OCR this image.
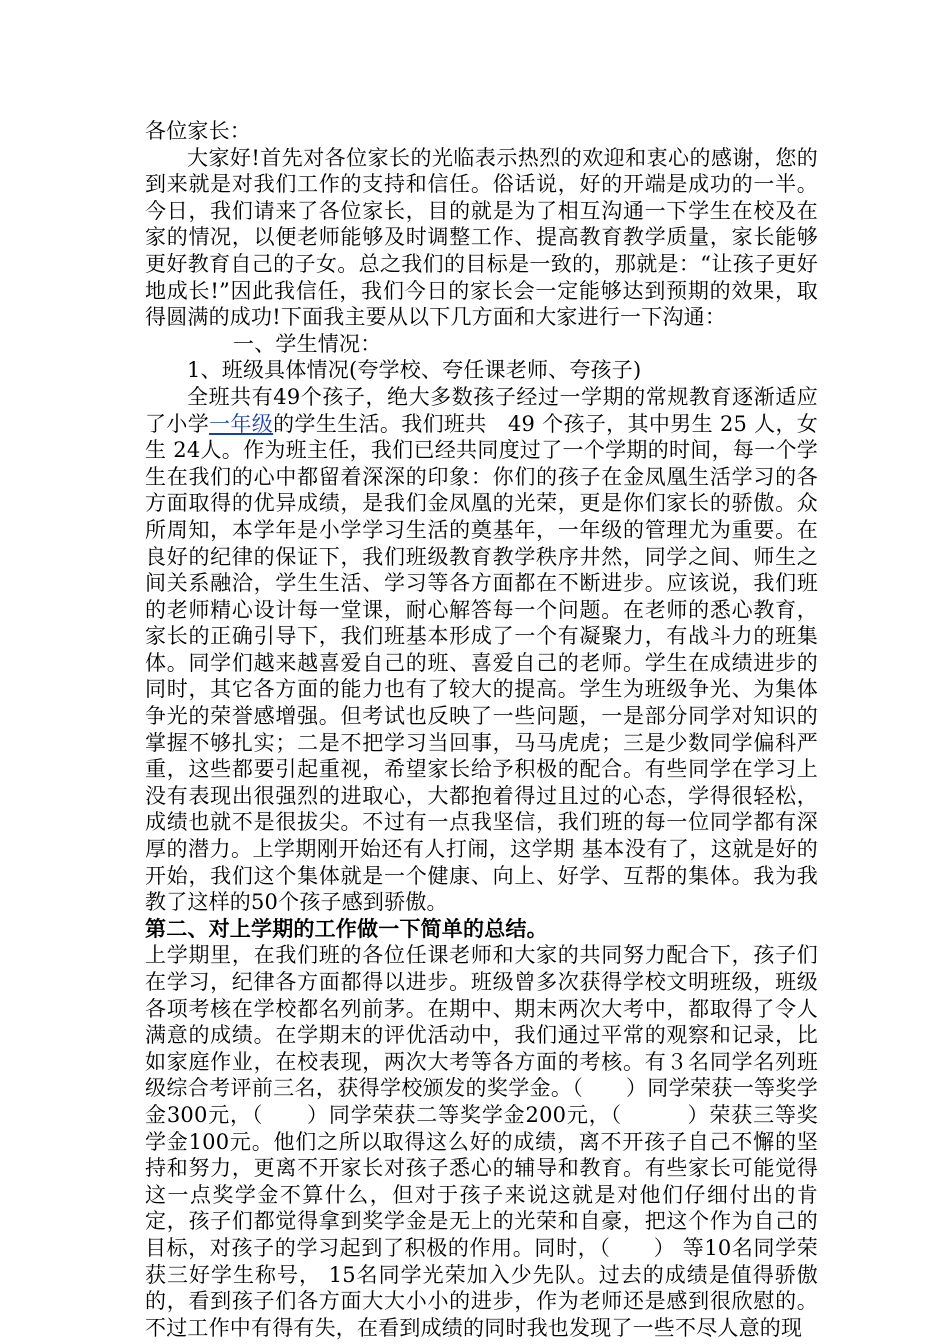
各位家长：

大家好!首先对各位家长的光临表示热烈的欢迎和衷心的感谢，您的到来就是对我们工作的支持和信任。俗话说，好的开端是成功的一半。今日，我们请来了各位家长，目的就是为了相互沟通一下学生在校及在家的情况，以便老师能够及时调整工作、提高教育教学质量，家长能够更好教育自己的子女。总之我们的目标是一致的，那就是：“让孩子更好地成长!”因此我信任，我们今日的家长会一定能够达到预期的效果，取得圆满的成功!下面我主要从以下几方面和大家进行一下沟通：

一、学生情况：

1、班级具体情况(夸学校、夸任课老师、夸孩子)

全班共有49个孩子，绝大多数孩子经过一学期的常规教育逐渐适应了小学一年级的学生生活。我们班共　49 个孩子，其中男生 25 人，女生 24人。作为班主任，我们已经共同度过了一个学期的时间，每一个学生在我们的心中都留着深深的印象：你们的孩子在金凤凰生活学习的各方面取得的优异成绩，是我们金凤凰的光荣，更是你们家长的骄傲。众所周知，本学年是小学学习生活的奠基年，一年级的管理尤为重要。在良好的纪律的保证下，我们班级教育教学秩序井然，同学之间、师生之间关系融洽，学生生活、学习等各方面都在不断进步。应该说，我们班的老师精心设计每一堂课，耐心解答每一个问题。在老师的悉心教育，家长的正确引导下，我们班基本形成了一个有凝聚力，有战斗力的班集体。同学们越来越喜爱自己的班、喜爱自己的老师。学生在成绩进步的同时，其它各方面的能力也有了较大的提高。学生为班级争光、为集体争光的荣誉感增强。但考试也反映了一些问题，一是部分同学对知识的掌握不够扎实；二是不把学习当回事，马马虎虎；三是少数同学偏科严重，这些都要引起重视，希望家长给予积极的配合。有些同学在学习上没有表现出很强烈的进取心，大都抱着得过且过的心态，学得很轻松，成绩也就不是很拔尖。不过有一点我坚信，我们班的每一位同学都有深厚的潜力。上学期刚开始还有人打闹，这学期 基本没有了，这就是好的开始，我们这个集体就是一个健康、向上、好学、互帮的集体。我为我教了这样的50个孩子感到骄傲。

第二、对上学期的工作做一下简单的总结。

上学期里，在我们班的各位任课老师和大家的共同努力配合下，孩子们在学习，纪律各方面都得以进步。班级曾多次获得学校文明班级，班级各项考核在学校都名列前茅。在期中、期末两次大考中，都取得了令人满意的成绩。在学期末的评优活动中，我们通过平常的观察和记录，比如家庭作业，在校表现，两次大考等各方面的考核。有３名同学名列班级综合考评前三名，获得学校颁发的奖学金。（　　）同学荣获一等奖学金300元，（　　）同学荣获二等奖学金200元，（　　　）荣获三等奖学金100元。他们之所以取得这么好的成绩，离不开孩子自己不懈的坚持和努力，更离不开家长对孩子悉心的辅导和教育。有些家长可能觉得这一点奖学金不算什么，但对于孩子来说这就是对他们仔细付出的肯定，孩子们都觉得拿到奖学金是无上的光荣和自豪，把这个作为自己的目标，对孩子的学习起到了积极的作用。同时，（　　） 等10名同学荣获三好学生称号， 15名同学光荣加入少先队。过去的成绩是值得骄傲的，看到孩子们各方面大大小小的进步，作为老师还是感到很欣慰的。不过工作中有得有失，在看到成绩的同时我也发现了一些不尽人意的现
